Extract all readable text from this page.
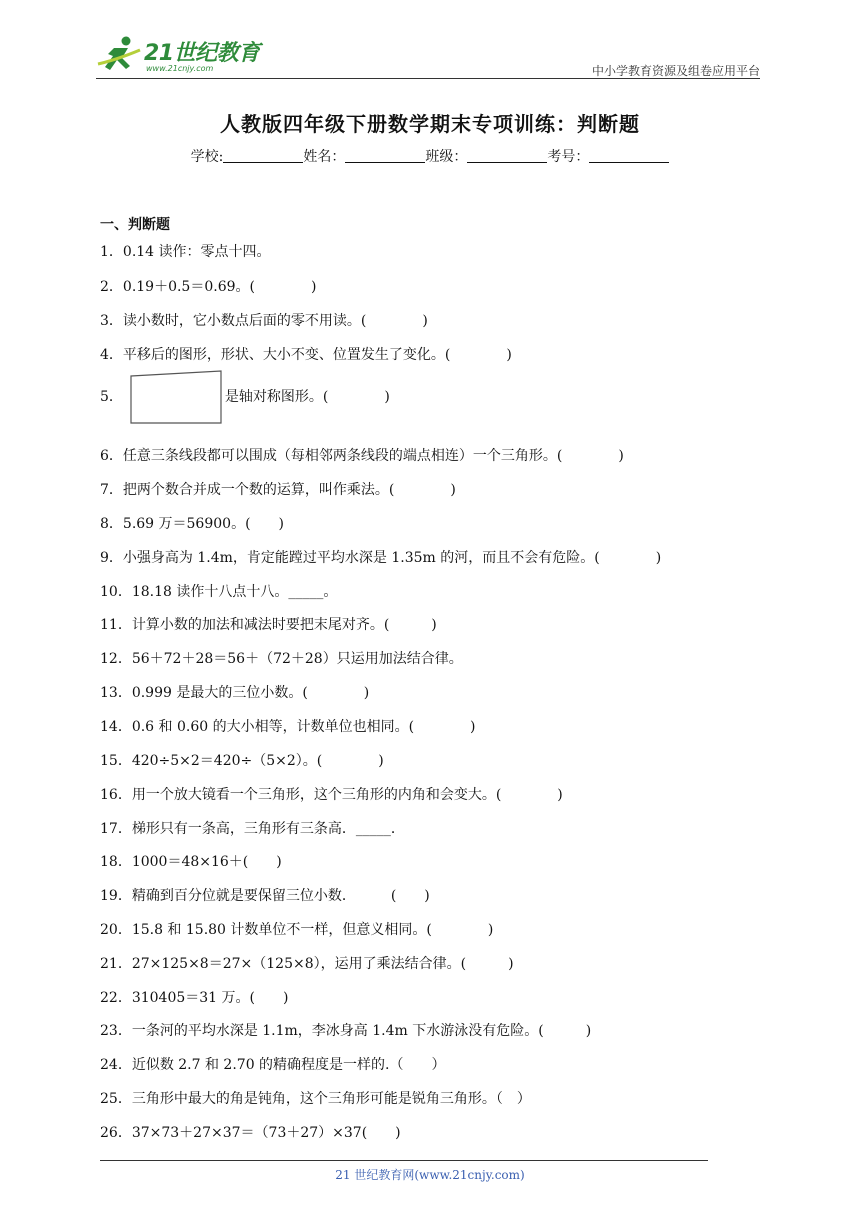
21世纪教育
www.21cnjy.com	中小学教育资源及组卷应用平台
人教版四年级下册数学期末专项训练：判断题
学校:	姓名：	班级：	考号：
一、判断题
1．0.14 读作：零点十四。
2．0.19＋0.5＝0.69。(　　　　)
3．读小数时，它小数点后面的零不用读。(　　　　)
4．平移后的图形，形状、大小不变、位置发生了变化。(　　　　)
5．	是轴对称图形。(　　　　)
6．任意三条线段都可以围成（每相邻两条线段的端点相连）一个三角形。(　　　　)
7．把两个数合并成一个数的运算，叫作乘法。(　　　　)
8．5.69 万＝56900。(　　)
9．小强身高为 1.4m，肯定能蹚过平均水深是 1.35m 的河，而且不会有危险。(　　　　)
10．18.18 读作十八点十八。_____。
11．计算小数的加法和减法时要把末尾对齐。(　　　)
12．56＋72＋28＝56＋（72＋28）只运用加法结合律。
13．0.999 是最大的三位小数。(　　　　)
14．0.6 和 0.60 的大小相等，计数单位也相同。(　　　　)
15．420÷5×2＝420÷（5×2）。(　　　　)
16．用一个放大镜看一个三角形，这个三角形的内角和会变大。(　　　　)
17．梯形只有一条高，三角形有三条高．_____．
18．1000＝48×16＋(　　)
19．精确到百分位就是要保留三位小数．　　　(　　)
20．15.8 和 15.80 计数单位不一样，但意义相同。(　　　　)
21．27×125×8＝27×（125×8），运用了乘法结合律。(　　　)
22．310405＝31 万。(　　)
23．一条河的平均水深是 1.1m，李冰身高 1.4m 下水游泳没有危险。(　　　)
24．近似数 2.7 和 2.70 的精确程度是一样的.（　　）
25．三角形中最大的角是钝角，这个三角形可能是锐角三角形。（　）
26．37×73＋27×37＝（73＋27）×37(　　)
21 世纪教育网(www.21cnjy.com)
